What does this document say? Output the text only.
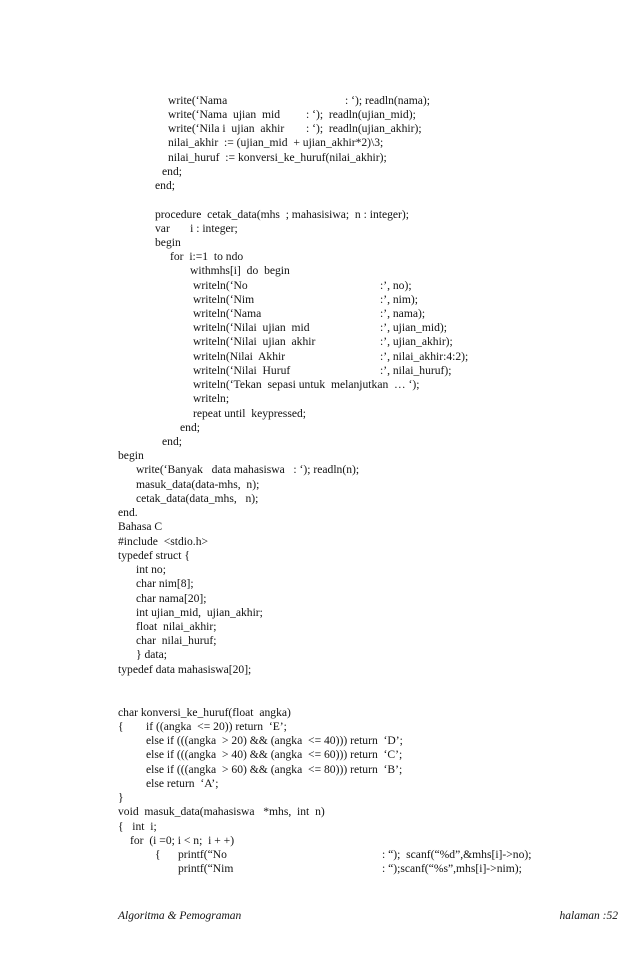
write(‘Nama	: ‘); readln(nama);
write(‘Nama  ujian  mid : ‘);  readln(ujian_mid);
write(‘Nila i  ujian  akhir : ‘);  readln(ujian_akhir);
nilai_akhir  := (ujian_mid  + ujian_akhir*2)\3;
nilai_huruf  := konversi_ke_huruf(nilai_akhir);
end;
end;
procedure  cetak_data(mhs  ; mahasisiwa;  n : integer);
var       i : integer;
begin
for  i:=1  to ndo
withmhs[i]  do  begin
writeln(‘No	:’, no);
writeln(‘Nim	:’, nim);
writeln(‘Nama	:’, nama);
writeln(‘Nilai  ujian  mid	:’, ujian_mid);
writeln(‘Nilai  ujian  akhir	:’, ujian_akhir);
writeln(Nilai  Akhir	:’, nilai_akhir:4:2);
writeln(‘Nilai  Huruf	:’, nilai_huruf);
writeln(‘Tekan  sepasi untuk  melanjutkan  … ‘);
writeln;
repeat until  keypressed;
end;
end;
begin
write(‘Banyak   data mahasiswa   : ‘); readln(n);
masuk_data(data-mhs,  n);
cetak_data(data_mhs,   n);
end.
Bahasa C
#include  <stdio.h>
typedef struct {
int no;
char nim[8];
char nama[20];
int ujian_mid,  ujian_akhir;
float  nilai_akhir;
char  nilai_huruf;
} data;
typedef data mahasiswa[20];
char konversi_ke_huruf(float  angka)
{ if ((angka  <= 20)) return  ‘E’;
else if (((angka  > 20) && (angka  <= 40))) return  ‘D’;
else if (((angka  > 40) && (angka  <= 60))) return  ‘C’;
else if (((angka  > 60) && (angka  <= 80))) return  ‘B’;
else return  ‘A’;
}
void  masuk_data(mahasiswa   *mhs,  int  n)
{   int  i;
for  (i =0; i < n;  i + +)
{      printf(“No	: “);  scanf(“%d”,&mhs[i]->no);
printf(“Nim	: “);scanf(“%s”,mhs[i]->nim);
Algoritma & Pemograman	halaman :52
